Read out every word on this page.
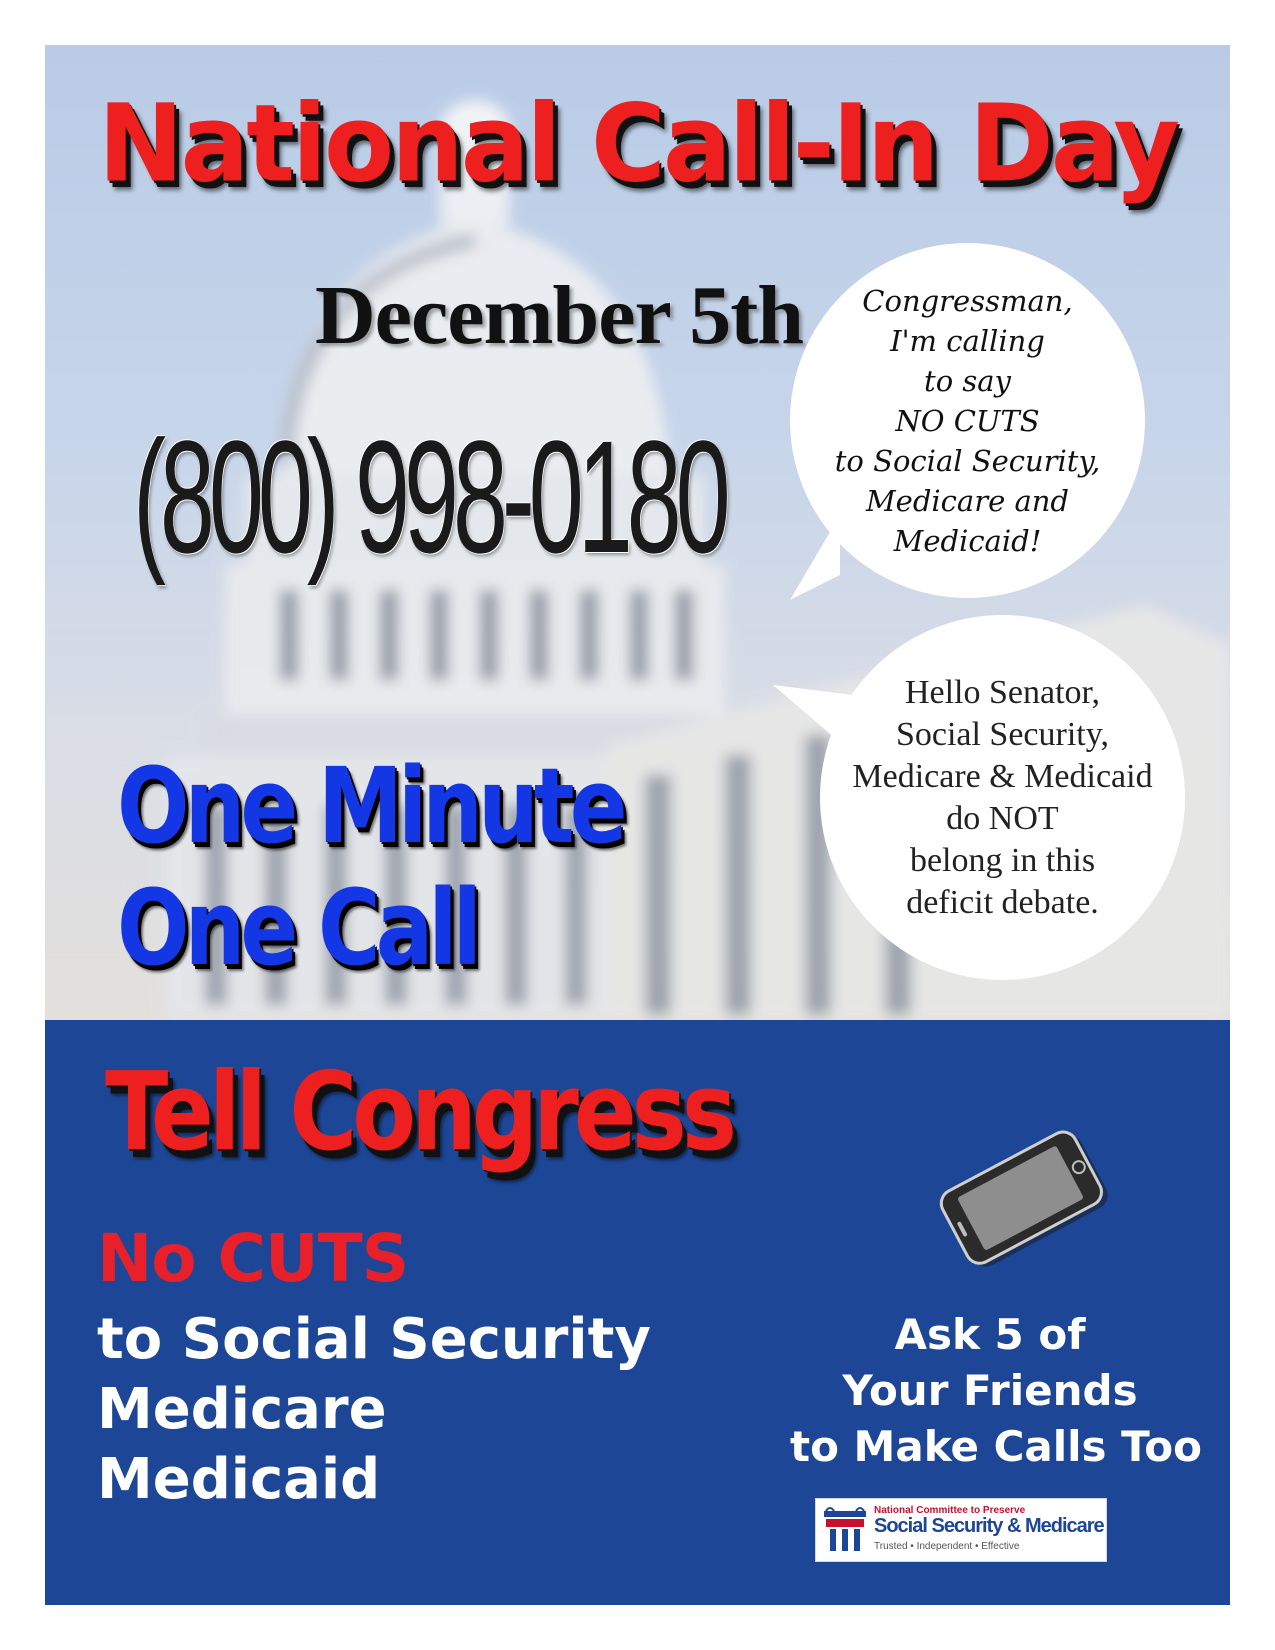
National Call-In Day
December 5th
(800) 998-0180
One Minute
One Call
Congressman,
I'm calling
to say
NO CUTS
to Social Security,
Medicare and
Medicaid!
Hello Senator,
Social Security,
Medicare & Medicaid
do NOT
belong in this
deficit debate.
Tell Congress
No CUTS
to Social Security
Medicare
Medicaid
Ask 5 of
Your Friends
to Make Calls Too
National Committee to Preserve
Social Security & Medicare
Trusted • Independent • Effective
